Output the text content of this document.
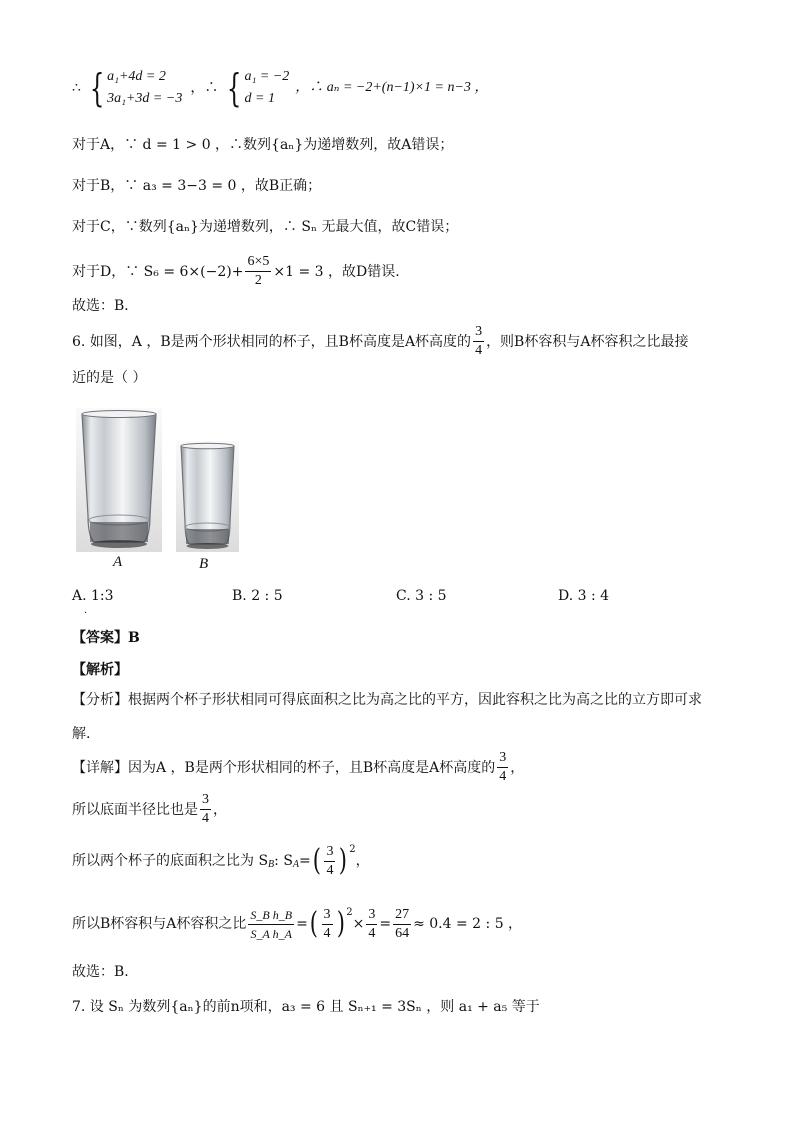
∴ { a₁+4d = 2
3a₁+3d = −3
，∴ { a₁ = −2
d = 1
，∴ aₙ = −2+(n−1)×1 = n−3 ，
对于A，∵ d = 1 > 0 ，∴数列{aₙ}为递增数列，故A错误；
对于B，∵ a₃ = 3−3 = 0 ，故B正确；
对于C，∵数列{aₙ}为递增数列，∴ Sₙ 无最大值，故C错误；
对于D，∵ $S_6 = 6\times(-2)+ \frac{6\times 5}{2} \times 1 = 3$ ，故D错误.
故选：B．
6. 如图，A ，B是两个形状相同的杯子，且B杯高度是A杯高度的 $\frac{3}{4}$ ，则B杯容积与A杯容积之比最接
近的是（ ）
A	B
A. 1:3	B. 2 : 5	C. 3 : 5	D. 3 : 4
·
【答案】B
【解析】
【分析】根据两个杯子形状相同可得底面积之比为高之比的平方，因此容积之比为高之比的立方即可求
解.
【详解】因为A ，B是两个形状相同的杯子，且B杯高度是A杯高度的 $\frac{3}{4}$ ，
所以底面半径比也是 $\frac{3}{4}$ ，
所以两个杯子的底面积之比为 $S_B$ : $S_A$ = ( $\frac{3}{4} )^2$
，
所以B杯容积与A杯容积之比 $\frac{\text{S\_B h\_B}}{\text{S\_A h\_A}}$ = ( $\frac{3}{4} )^2$
× $\frac{3}{4} = \frac{27}{64} \approx 0.4 = 2$ : 5 ，
故选：B.
7. 设 Sₙ 为数列{aₙ}的前n项和，a₃ = 6 且 Sₙ₊₁ = 3Sₙ ，则 a₁ + a₅ 等于
